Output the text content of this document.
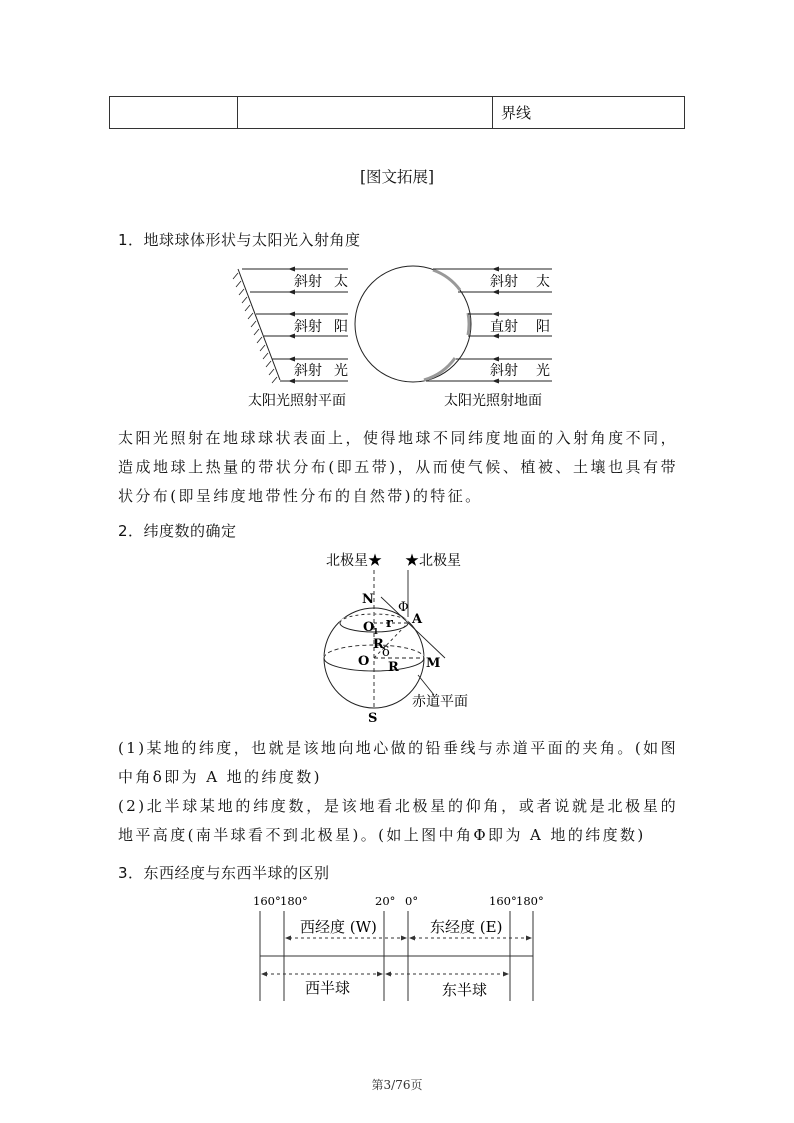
		界线
[图文拓展]
1．地球球体形状与太阳光入射角度
斜射 太
斜射 阳
斜射 光
太阳光照射平面
斜射 太
直射 阳
斜射 光
太阳光照射地面

太阳光照射在地球球状表面上，使得地球不同纬度地面的入射角度不同，造成地球上热量的带状分布(即五带)，从而使气候、植被、土壤也具有带状分布(即呈纬度地带性分布的自然带)的特征。

2．纬度数的确定
北极星★ ★北极星
N
Φ
A
O
1 r
R
δ
O R M
赤道平面
S

(1)某地的纬度，也就是该地向地心做的铅垂线与赤道平面的夹角。(如图中角δ即为 A 地的纬度数)

(2)北半球某地的纬度数，是该地看北极星的仰角，或者说就是北极星的地平高度(南半球看不到北极星)。(如上图中角Φ即为 A 地的纬度数)

3．东西经度与东西半球的区别
160° 180°	20° 0°	160° 180°
西经度 (W)	东经度 (E)
西半球	东半球
第3/76页
